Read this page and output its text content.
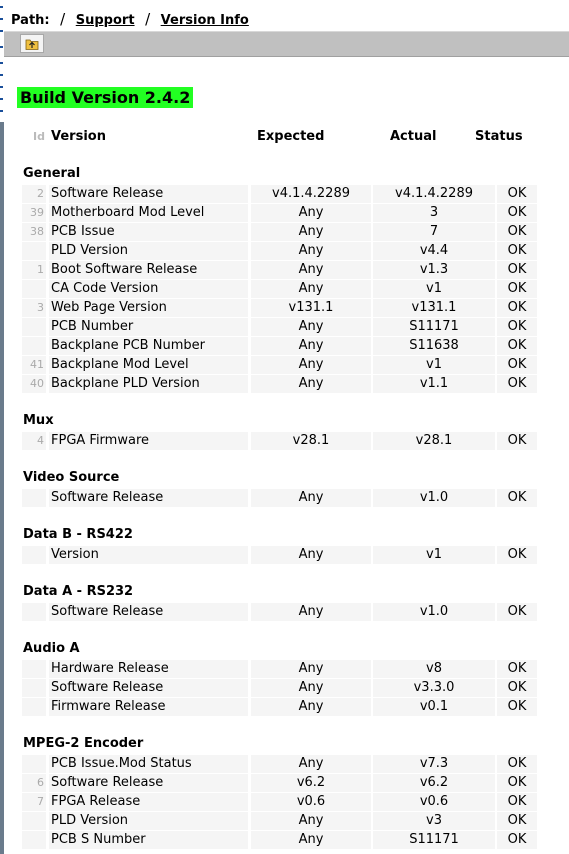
Path: / Support / Version Info
Build Version 2.4.2
Id Version	Expected	Actual	Status
General
2 Software Release	v4.1.4.2289	v4.1.4.2289	OK
39 Motherboard Mod Level	Any	3	OK
38 PCB Issue	Any	7	OK
PLD Version	Any	v4.4	OK
1 Boot Software Release	Any	v1.3	OK
CA Code Version	Any	v1	OK
3 Web Page Version	v131.1	v131.1	OK
PCB Number	Any	S11171	OK
Backplane PCB Number	Any	S11638	OK
41 Backplane Mod Level	Any	v1	OK
40 Backplane PLD Version	Any	v1.1	OK
Mux
4 FPGA Firmware	v28.1	v28.1	OK
Video Source
Software Release	Any	v1.0	OK
Data B - RS422
Version	Any	v1	OK
Data A - RS232
Software Release	Any	v1.0	OK
Audio A
Hardware Release	Any	v8	OK
Software Release	Any	v3.3.0	OK
Firmware Release	Any	v0.1	OK
MPEG-2 Encoder
PCB Issue.Mod Status	Any	v7.3	OK
6 Software Release	v6.2	v6.2	OK
7 FPGA Release	v0.6	v0.6	OK
PLD Version	Any	v3	OK
PCB S Number	Any	S11171	OK
